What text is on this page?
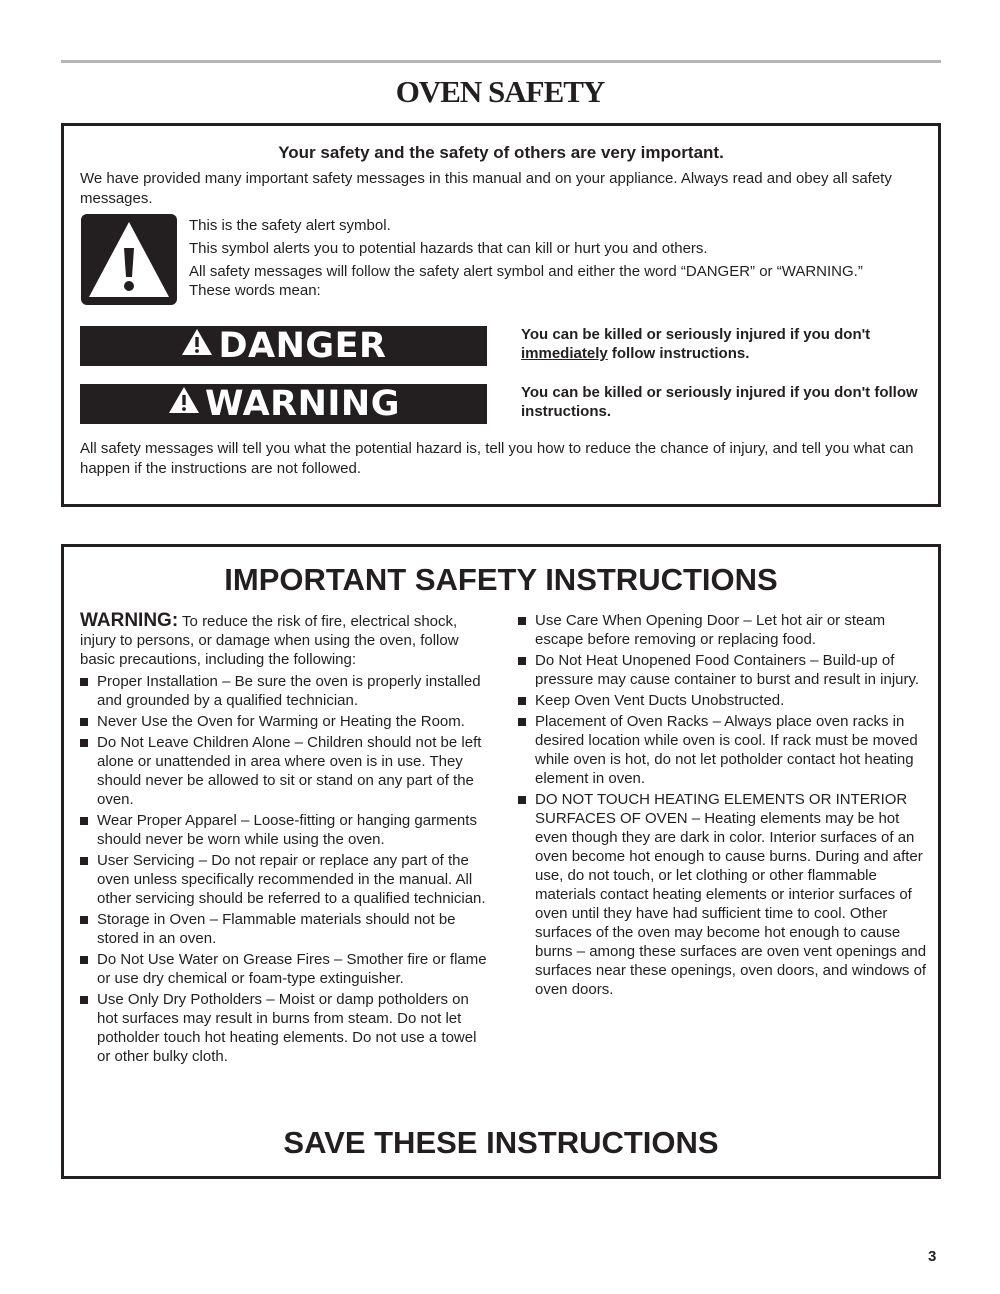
OVEN SAFETY
Your safety and the safety of others are very important.
We have provided many important safety messages in this manual and on your appliance. Always read and obey all safety messages.

This is the safety alert symbol.

This symbol alerts you to potential hazards that can kill or hurt you and others.

All safety messages will follow the safety alert symbol and either the word “DANGER” or “WARNING.” These words mean:

DANGER	You can be killed or seriously injured if you don't immediately follow instructions.
WARNING	You can be killed or seriously injured if you don't follow instructions.
All safety messages will tell you what the potential hazard is, tell you how to reduce the chance of injury, and tell you what can happen if the instructions are not followed.
IMPORTANT SAFETY INSTRUCTIONS

WARNING: To reduce the risk of fire, electrical shock, injury to persons, or damage when using the oven, follow basic precautions, including the following:

Proper Installation – Be sure the oven is properly installed and grounded by a qualified technician.
Never Use the Oven for Warming or Heating the Room.
Do Not Leave Children Alone – Children should not be left alone or unattended in area where oven is in use. They should never be allowed to sit or stand on any part of the oven.
Wear Proper Apparel – Loose-fitting or hanging garments should never be worn while using the oven.
User Servicing – Do not repair or replace any part of the oven unless specifically recommended in the manual. All other servicing should be referred to a qualified technician.
Storage in Oven – Flammable materials should not be stored in an oven.
Do Not Use Water on Grease Fires – Smother fire or flame or use dry chemical or foam-type extinguisher.
Use Only Dry Potholders – Moist or damp potholders on hot surfaces may result in burns from steam. Do not let potholder touch hot heating elements. Do not use a towel or other bulky cloth.
Use Care When Opening Door – Let hot air or steam escape before removing or replacing food.
Do Not Heat Unopened Food Containers – Build-up of pressure may cause container to burst and result in injury.
Keep Oven Vent Ducts Unobstructed.
Placement of Oven Racks – Always place oven racks in desired location while oven is cool. If rack must be moved while oven is hot, do not let potholder contact hot heating element in oven.
DO NOT TOUCH HEATING ELEMENTS OR INTERIOR SURFACES OF OVEN – Heating elements may be hot even though they are dark in color. Interior surfaces of an oven become hot enough to cause burns. During and after use, do not touch, or let clothing or other flammable materials contact heating elements or interior surfaces of oven until they have had sufficient time to cool. Other surfaces of the oven may become hot enough to cause burns – among these surfaces are oven vent openings and surfaces near these openings, oven doors, and windows of oven doors.
SAVE THESE INSTRUCTIONS
3
